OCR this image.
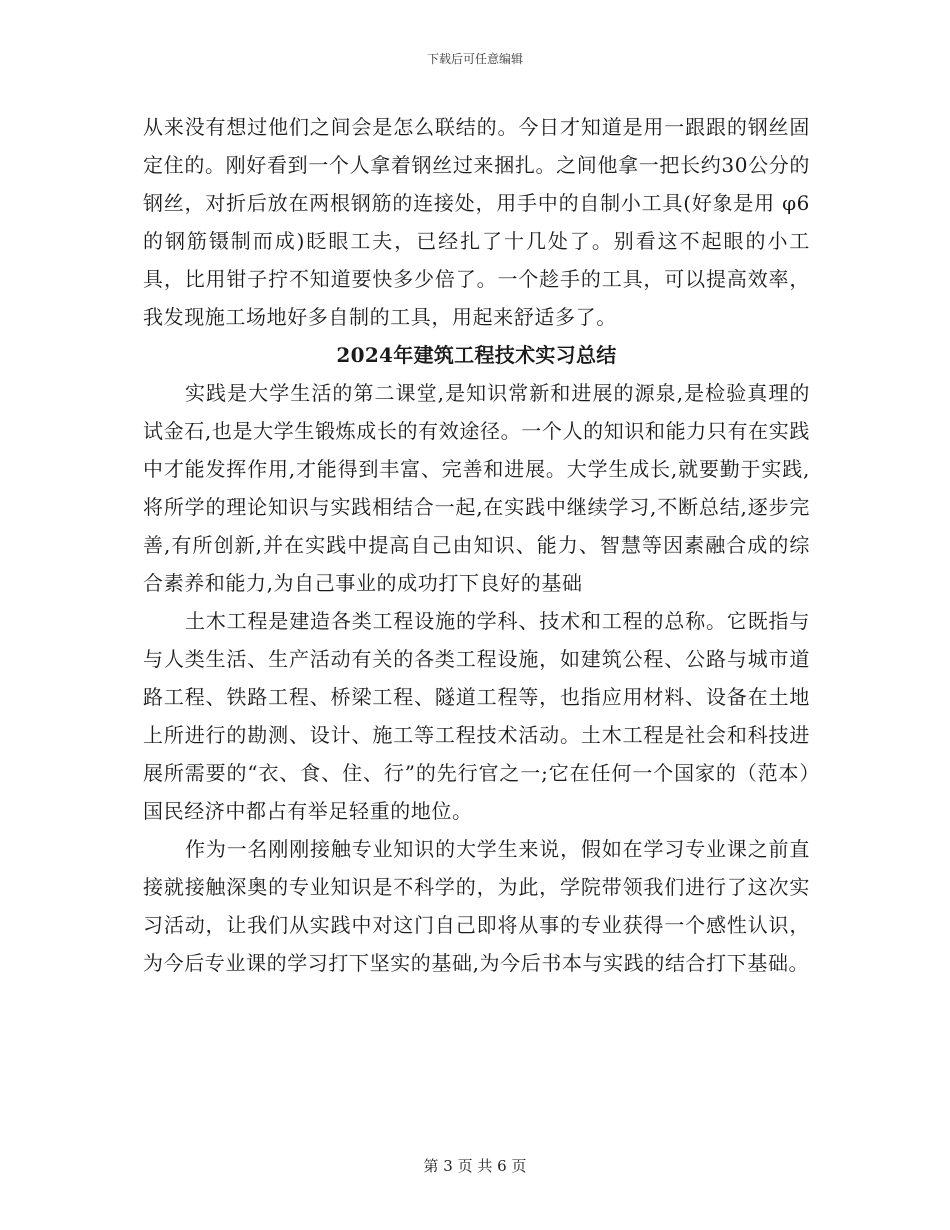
下载后可任意编辑

从来没有想过他们之间会是怎么联结的。今日才知道是用一跟跟的钢丝固定住的。刚好看到一个人拿着钢丝过来捆扎。之间他拿一把长约30公分的钢丝，对折后放在两根钢筋的连接处，用手中的自制小工具(好象是用 φ6的钢筋镊制而成)眨眼工夫，已经扎了十几处了。别看这不起眼的小工具，比用钳子拧不知道要快多少倍了。一个趁手的工具，可以提高效率，我发现施工场地好多自制的工具，用起来舒适多了。

2024年建筑工程技术实习总结

实践是大学生活的第二课堂,是知识常新和进展的源泉,是检验真理的试金石,也是大学生锻炼成长的有效途径。一个人的知识和能力只有在实践中才能发挥作用,才能得到丰富、完善和进展。大学生成长,就要勤于实践,将所学的理论知识与实践相结合一起,在实践中继续学习,不断总结,逐步完善,有所创新,并在实践中提高自己由知识、能力、智慧等因素融合成的综合素养和能力,为自己事业的成功打下良好的基础

土木工程是建造各类工程设施的学科、技术和工程的总称。它既指与与人类生活、生产活动有关的各类工程设施，如建筑公程、公路与城市道路工程、铁路工程、桥梁工程、隧道工程等，也指应用材料、设备在土地上所进行的勘测、设计、施工等工程技术活动。土木工程是社会和科技进展所需要的“衣、食、住、行”的先行官之一;它在任何一个国家的（范本）国民经济中都占有举足轻重的地位。

作为一名刚刚接触专业知识的大学生来说，假如在学习专业课之前直接就接触深奥的专业知识是不科学的，为此，学院带领我们进行了这次实习活动，让我们从实践中对这门自己即将从事的专业获得一个感性认识，为今后专业课的学习打下坚实的基础,为今后书本与实践的结合打下基础。

第 3 页 共 6 页
